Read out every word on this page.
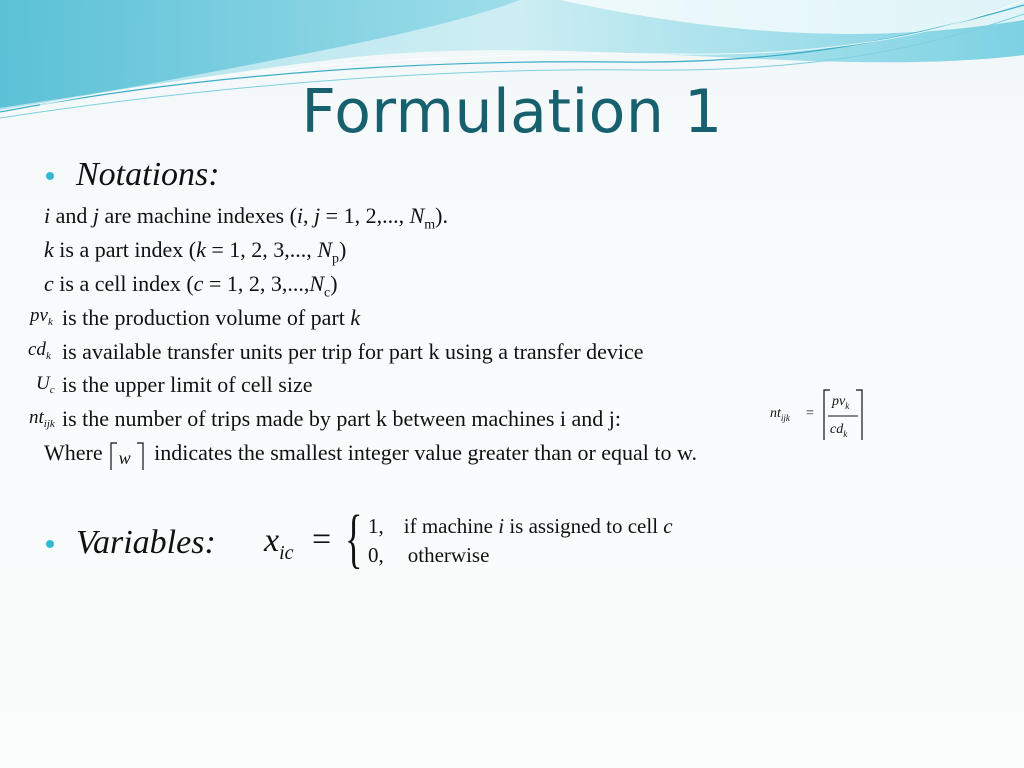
Formulation 1
Notations:
i and j are machine indexes (i, j = 1, 2,..., $N_m$).
k is a part index (k = 1, 2, 3,..., $N_p$)
c is a cell index (c = 1, 2, $3,...,N_c$)
$pv_k$ is the production volume of part k
$cd_k$ is available transfer units per trip for part k using a transfer device
$U_c$ is the upper limit of cell size
$nt_{ijk}$ is the number of trips made by part k between machines i and j:	$nt_{ijk}$ =
$pv_k$
$cd_k$
Where w indicates the smallest integer value greater than or equal to w.
Variables: $x_{ic}$ = { 1, if machine i is assigned to cell c
0, otherwise
